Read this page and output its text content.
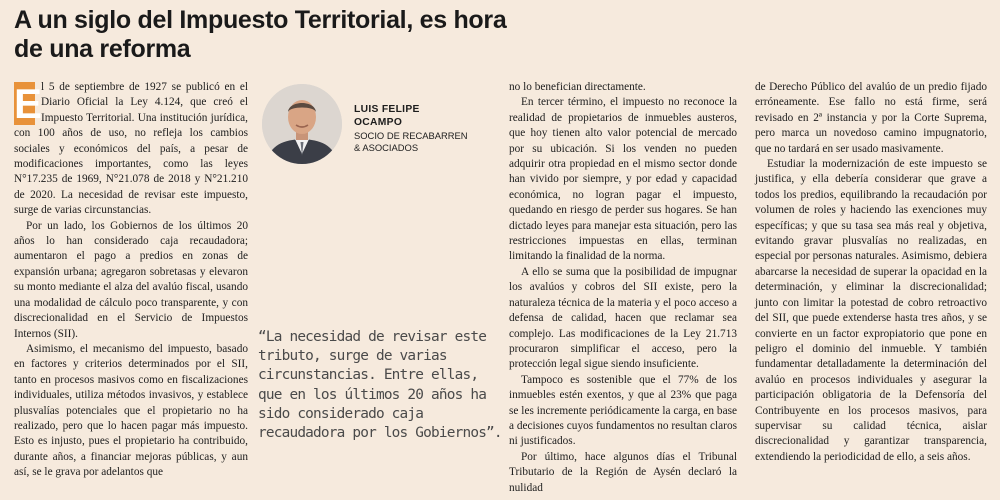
A un siglo del Impuesto Territorial, es hora de una reforma

E
l 5 de septiembre de 1927 se publicó en el Diario Oficial la Ley 4.124, que creó el Impuesto Territorial. Una institución jurídica, con 100 años de uso, no refleja los cambios sociales y económicos del país, a pesar de modificaciones importantes, como las leyes N°17.235 de 1969, N°21.078 de 2018 y N°21.210 de 2020. La necesidad de revisar este impuesto, surge de varias circunstancias.

Por un lado, los Gobiernos de los últimos 20 años lo han considerado caja recaudadora; aumentaron el pago a predios en zonas de expansión urbana; agregaron sobretasas y elevaron su monto mediante el alza del avalúo fiscal, usando una modalidad de cálculo poco transparente, y con discrecionalidad en el Servicio de Impuestos Internos (SII).

Asimismo, el mecanismo del impuesto, basado en factores y criterios determinados por el SII, tanto en procesos masivos como en fiscalizaciones individuales, utiliza métodos invasivos, y establece plusvalías potenciales que el propietario no ha realizado, pero que lo hacen pagar más impuesto. Esto es injusto, pues el propietario ha contribuido, durante años, a financiar mejoras públicas, y aun así, se le grava por adelantos que

LUIS FELIPE
OCAMPO

SOCIO DE RECABARREN
& ASOCIADOS

“La necesidad de revisar este tributo, surge de varias circunstancias. Entre ellas, que en los últimos 20 años ha sido considerado caja recaudadora por los Gobiernos”.

no lo benefician directamente.

En tercer término, el impuesto no reconoce la realidad de propietarios de inmuebles austeros, que hoy tienen alto valor potencial de mercado por su ubicación. Si los venden no pueden adquirir otra propiedad en el mismo sector donde han vivido por siempre, y por edad y capacidad económica, no logran pagar el impuesto, quedando en riesgo de perder sus hogares. Se han dictado leyes para manejar esta situación, pero las restricciones impuestas en ellas, terminan limitando la finalidad de la norma.

A ello se suma que la posibilidad de impugnar los avalúos y cobros del SII existe, pero la naturaleza técnica de la materia y el poco acceso a defensa de calidad, hacen que reclamar sea complejo. Las modificaciones de la Ley 21.713 procuraron simplificar el acceso, pero la protección legal sigue siendo insuficiente.

Tampoco es sostenible que el 77% de los inmuebles estén exentos, y que al 23% que paga se les incremente periódicamente la carga, en base a decisiones cuyos fundamentos no resultan claros ni justificados.

Por último, hace algunos días el Tribunal Tributario de la Región de Aysén declaró la nulidad

de Derecho Público del avalúo de un predio fijado erróneamente. Ese fallo no está firme, será revisado en 2ª instancia y por la Corte Suprema, pero marca un novedoso camino impugnatorio, que no tardará en ser usado masivamente.

Estudiar la modernización de este impuesto se justifica, y ella debería considerar que grave a todos los predios, equilibrando la recaudación por volumen de roles y haciendo las exenciones muy específicas; y que su tasa sea más real y objetiva, evitando gravar plusvalías no realizadas, en especial por personas naturales. Asimismo, debiera abarcarse la necesidad de superar la opacidad en la determinación, y eliminar la discrecionalidad; junto con limitar la potestad de cobro retroactivo del SII, que puede extenderse hasta tres años, y se convierte en un factor expropiatorio que pone en peligro el dominio del inmueble. Y también fundamentar detalladamente la determinación del avalúo en procesos individuales y asegurar la participación obligatoria de la Defensoría del Contribuyente en los procesos masivos, para supervisar su calidad técnica, aislar discrecionalidad y garantizar transparencia, extendiendo la periodicidad de ello, a seis años.
